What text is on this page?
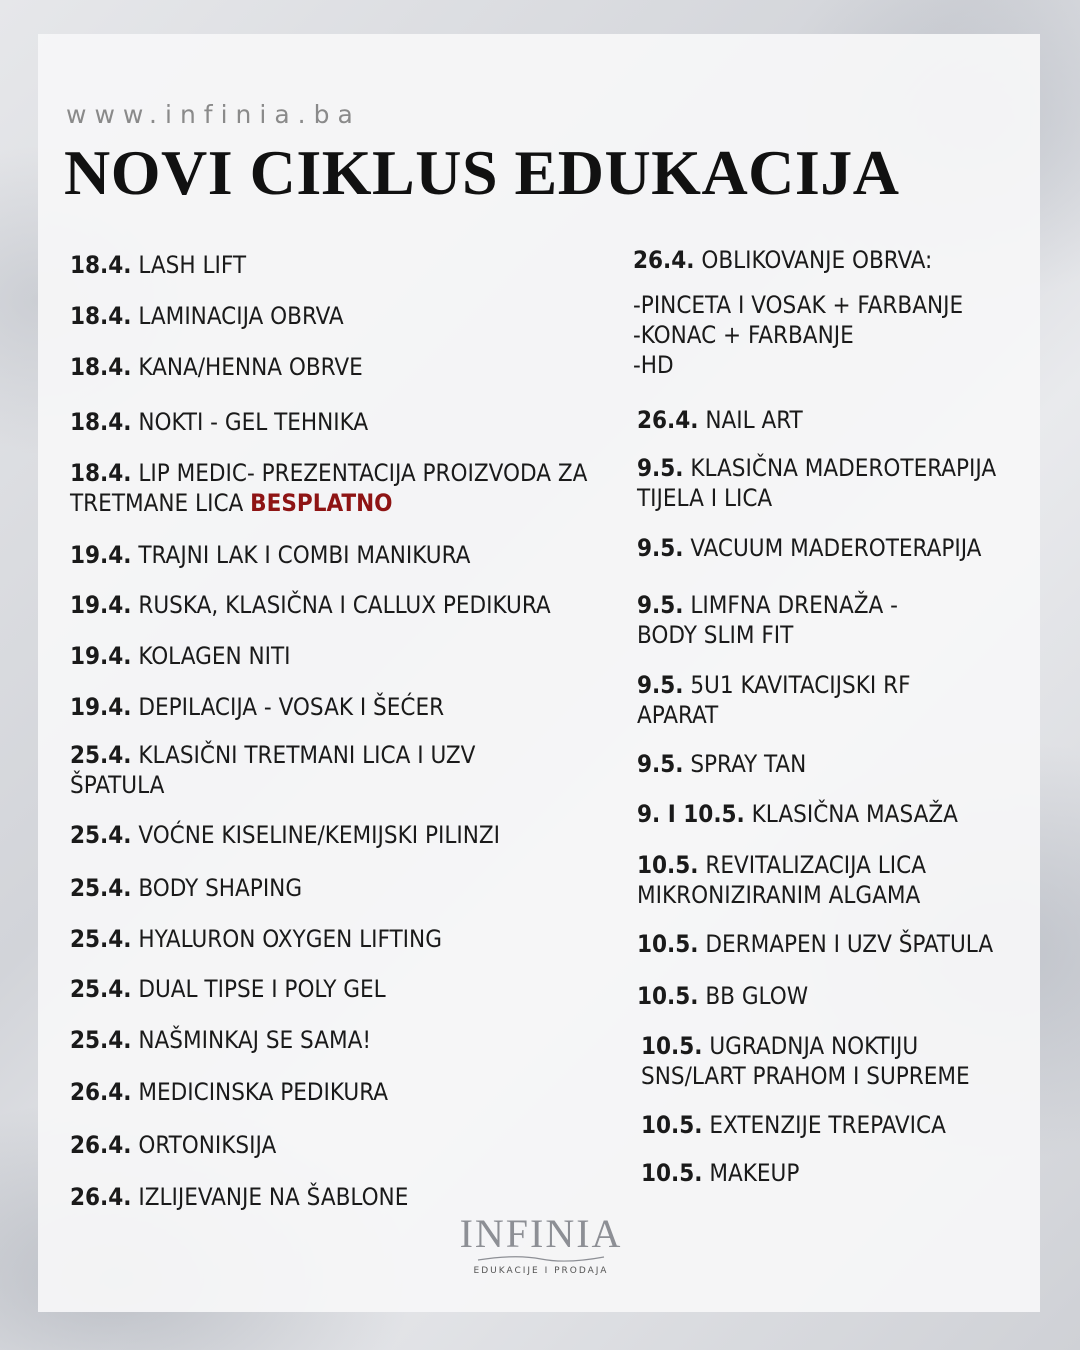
www.infinia.ba
NOVI CIKLUS EDUKACIJA
18.4. LASH LIFT
18.4. LAMINACIJA OBRVA
18.4. KANA/HENNA OBRVE
18.4. NOKTI - GEL TEHNIKA
18.4. LIP MEDIC- PREZENTACIJA PROIZVODA ZA
TRETMANE LICA BESPLATNO
19.4. TRAJNI LAK I COMBI MANIKURA
19.4. RUSKA, KLASIČNA I CALLUX PEDIKURA
19.4. KOLAGEN NITI
19.4. DEPILACIJA - VOSAK I ŠEĆER
25.4. KLASIČNI TRETMANI LICA I UZV
ŠPATULA
25.4. VOĆNE KISELINE/KEMIJSKI PILINZI
25.4. BODY SHAPING
25.4. HYALURON OXYGEN LIFTING
25.4. DUAL TIPSE I POLY GEL
25.4. NAŠMINKAJ SE SAMA!
26.4. MEDICINSKA PEDIKURA
26.4. ORTONIKSIJA
26.4. IZLIJEVANJE NA ŠABLONE
26.4. OBLIKOVANJE OBRVA:
-PINCETA I VOSAK + FARBANJE
-KONAC + FARBANJE
-HD
26.4. NAIL ART
9.5. KLASIČNA MADEROTERAPIJA
TIJELA I LICA
9.5. VACUUM MADEROTERAPIJA
9.5. LIMFNA DRENAŽA -
BODY SLIM FIT
9.5. 5U1 KAVITACIJSKI RF
APARAT
9.5. SPRAY TAN
9. I 10.5. KLASIČNA MASAŽA
10.5. REVITALIZACIJA LICA
MIKRONIZIRANIM ALGAMA
10.5. DERMAPEN I UZV ŠPATULA
10.5. BB GLOW
10.5. UGRADNJA NOKTIJU
SNS/LART PRAHOM I SUPREME
10.5. EXTENZIJE TREPAVICA
10.5. MAKEUP
INFINIA
EDUKACIJE I PRODAJA
